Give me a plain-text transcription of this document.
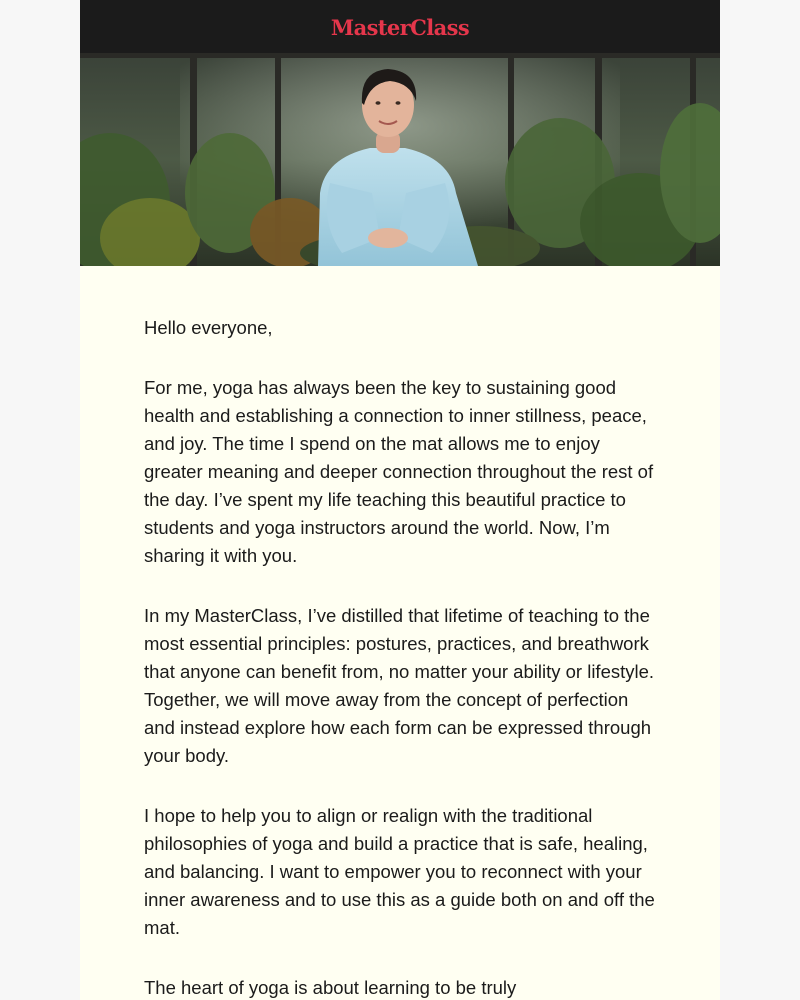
MasterClass

Hello everyone,

For me, yoga has always been the key to sustaining good health and establishing a connection to inner stillness, peace, and joy. The time I spend on the mat allows me to enjoy greater meaning and deeper connection throughout the rest of the day. I’ve spent my life teaching this beautiful practice to students and yoga instructors around the world. Now, I’m sharing it with you.

In my MasterClass, I’ve distilled that lifetime of teaching to the most essential principles: postures, practices, and breathwork that anyone can benefit from, no matter your ability or lifestyle. Together, we will move away from the concept of perfection and instead explore how each form can be expressed through your body.

I hope to help you to align or realign with the traditional philosophies of yoga and build a practice that is safe, healing, and balancing. I want to empower you to reconnect with your inner awareness and to use this as a guide both on and off the mat.

The heart of yoga is about learning to be truly
